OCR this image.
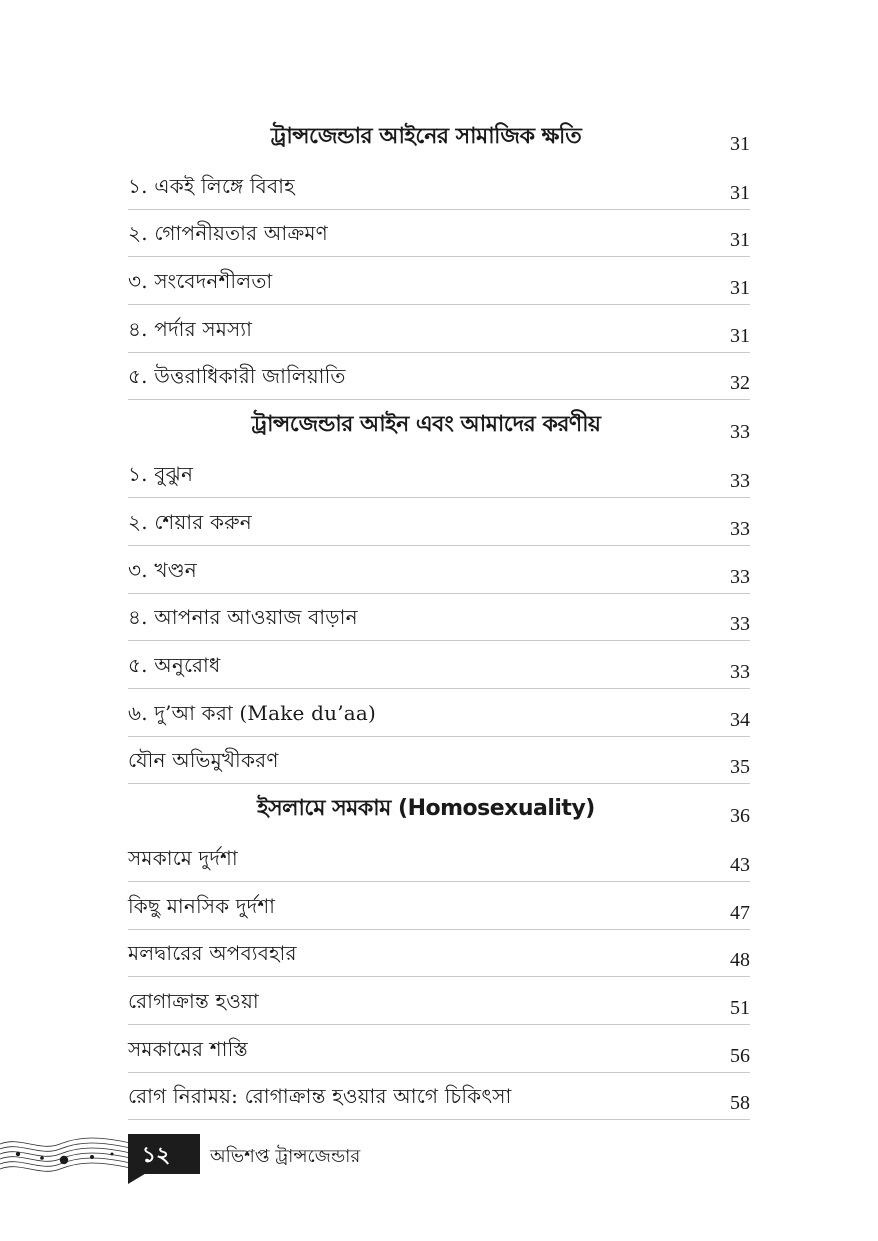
ট্রান্সজেন্ডার আইনের সামাজিক ক্ষতি	31
১. একই লিঙ্গে বিবাহ	31
২. গোপনীয়তার আক্রমণ	31
৩. সংবেদনশীলতা	31
৪. পর্দার সমস্যা	31
৫. উত্তরাধিকারী জালিয়াতি	32
ট্রান্সজেন্ডার আইন এবং আমাদের করণীয়	33
১. বুঝুন	33
২. শেয়ার করুন	33
৩. খণ্ডন	33
৪. আপনার আওয়াজ বাড়ান	33
৫. অনুরোধ	33
৬. দু’আ করা (Make du’aa)	34
যৌন অভিমুখীকরণ	35
ইসলামে সমকাম (Homosexuality)	36
সমকামে দুর্দশা	43
কিছু মানসিক দুর্দশা	47
মলদ্বারের অপব্যবহার	48
রোগাক্রান্ত হওয়া	51
সমকামের শাস্তি	56
রোগ নিরাময়: রোগাক্রান্ত হওয়ার আগে চিকিৎসা	58
১২	অভিশপ্ত ট্রান্সজেন্ডার
